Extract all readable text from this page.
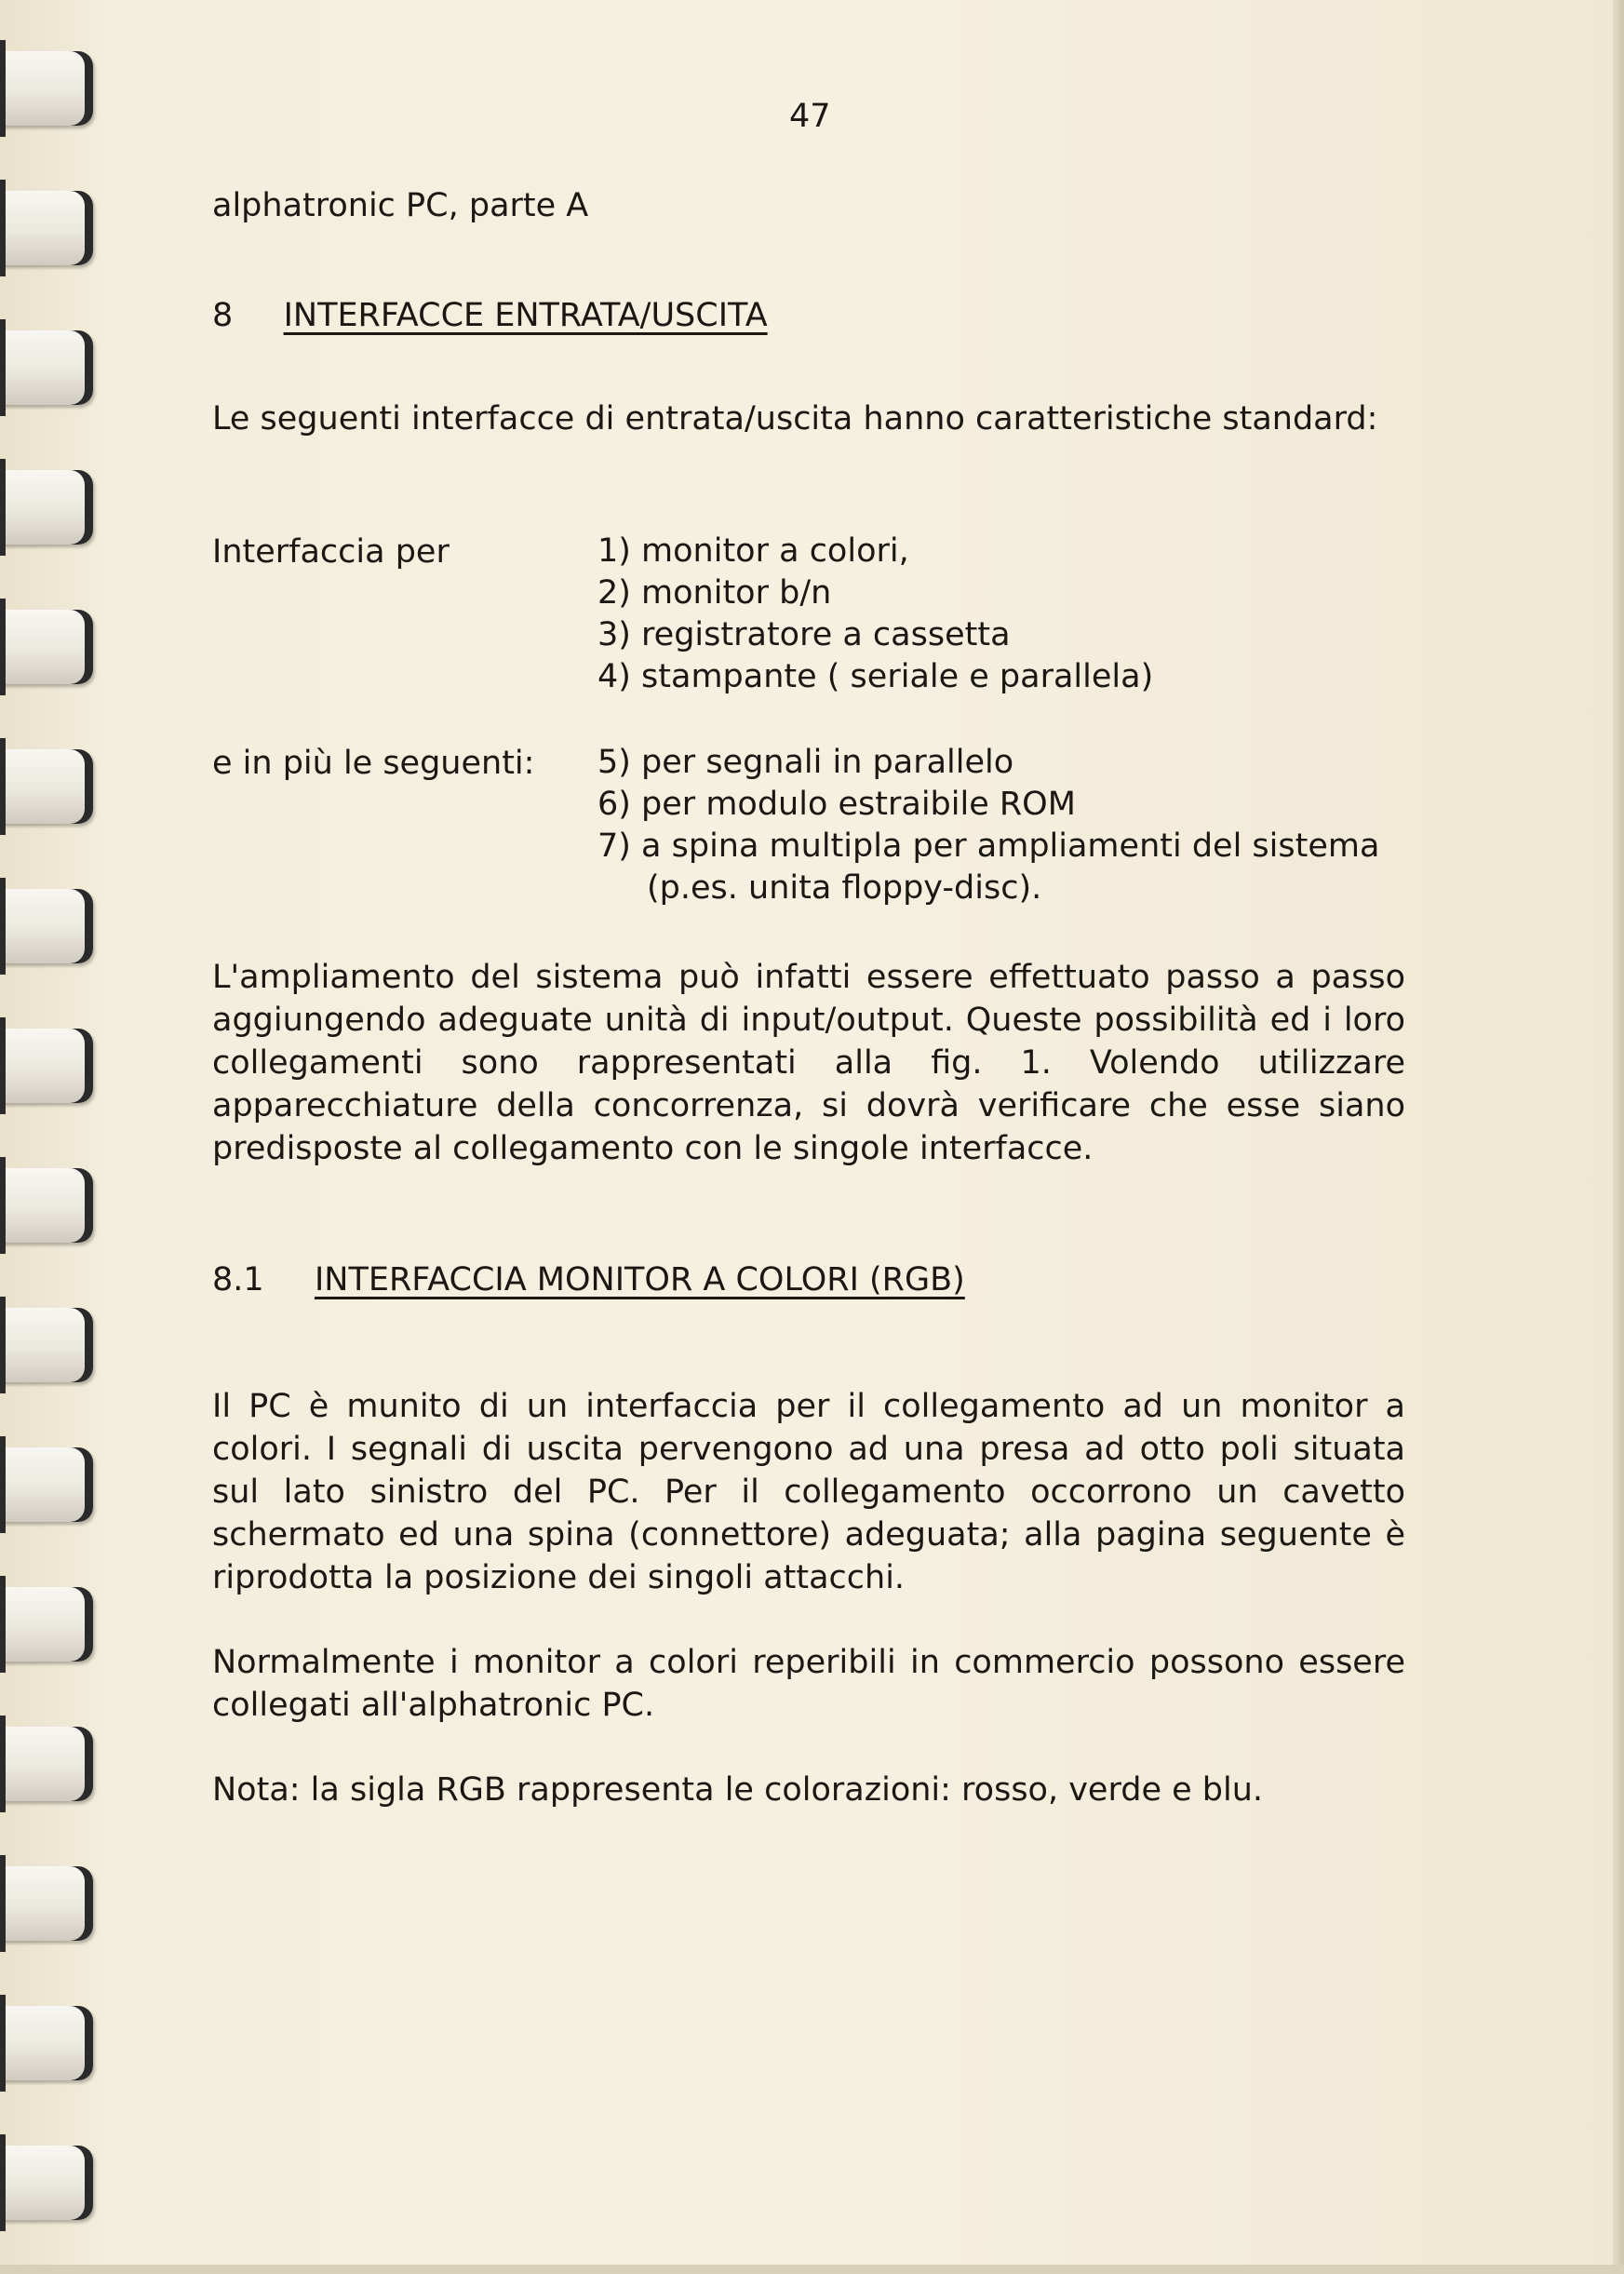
47

alphatronic PC, parte A

8 INTERFACCE ENTRATA/USCITA

Le seguenti interfacce di entrata/uscita hanno caratteristiche standard:

Interfaccia per	1) monitor a colori,
2) monitor b/n
3) registratore a cassetta
4) stampante ( seriale e parallela)
e in più le seguenti: 5) per segnali in parallelo
6) per modulo estraibile ROM
7) a spina multipla per ampliamenti del sistema (p.es. unita floppy-disc).

L'ampliamento del sistema può infatti essere effettuato passo a passo aggiungendo adeguate unità di input/output. Queste possibilità ed i loro collegamenti sono rappresentati alla fig. 1. Volendo utilizzare apparecchiature della concorrenza, si dovrà verificare che esse siano predisposte al collegamento con le singole interfacce.

8.1 INTERFACCIA MONITOR A COLORI (RGB)

Il PC è munito di un interfaccia per il collegamento ad un monitor a colori. I segnali di uscita pervengono ad una presa ad otto poli situata sul lato sinistro del PC. Per il collegamento occorrono un cavetto schermato ed una spina (connettore) adeguata; alla pagina seguente è riprodotta la posizione dei singoli attacchi.

Normalmente i monitor a colori reperibili in commercio possono essere collegati all'alphatronic PC.

Nota: la sigla RGB rappresenta le colorazioni: rosso, verde e blu.
